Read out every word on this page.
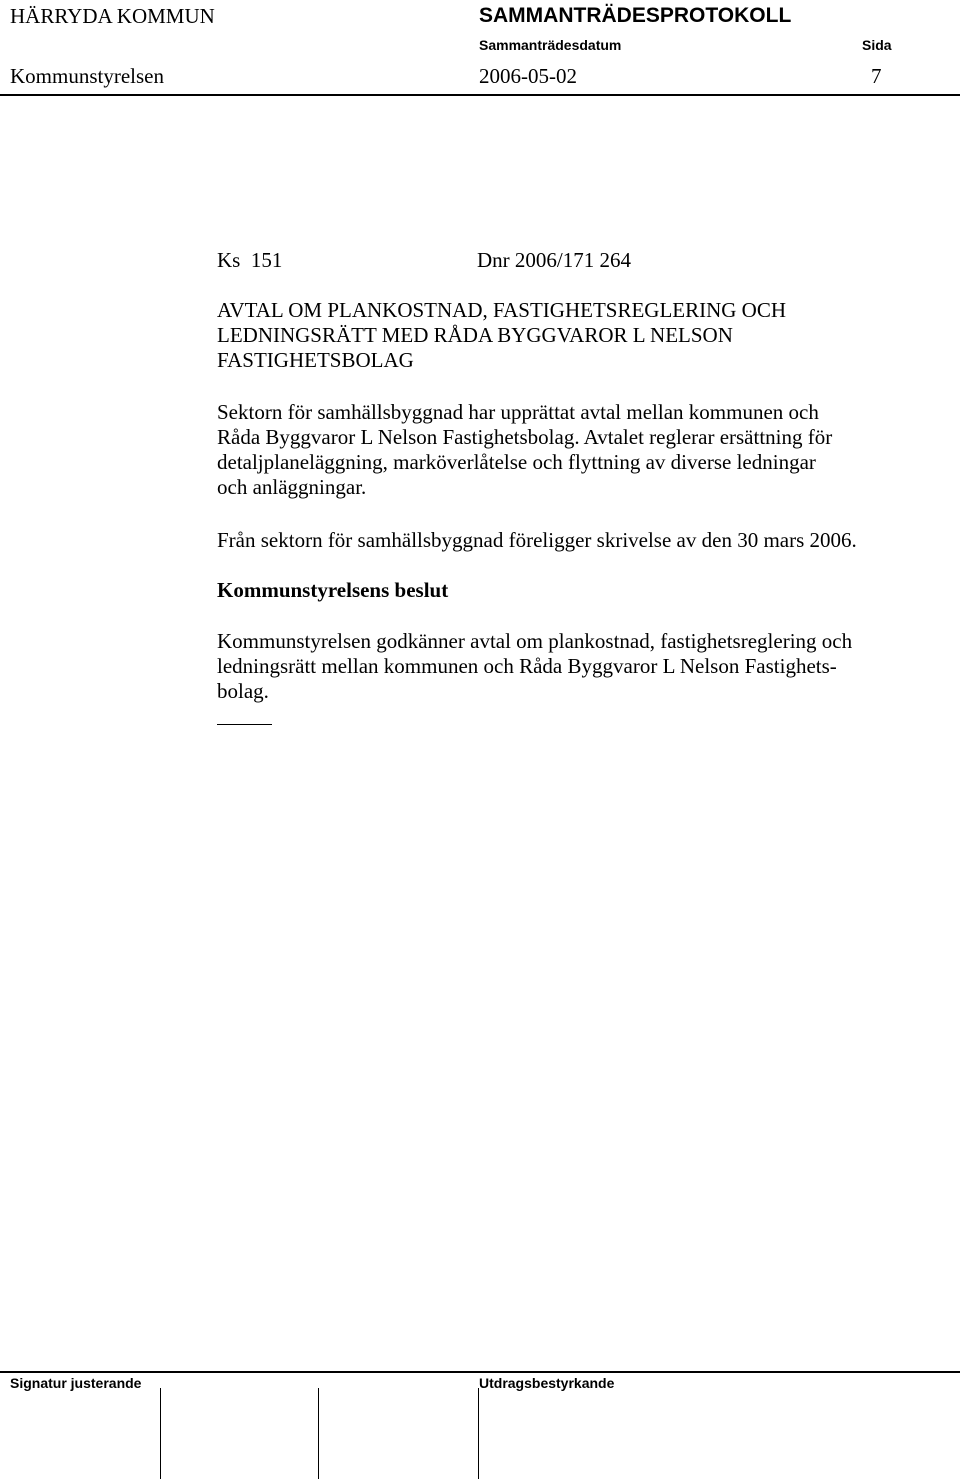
HÄRRYDA KOMMUN	SAMMANTRÄDESPROTOKOLL
Sammanträdesdatum	Sida
Kommunstyrelsen	2006-05-02	7
Ks  151	Dnr 2006/171 264
AVTAL OM PLANKOSTNAD, FASTIGHETSREGLERING OCH
LEDNINGSRÄTT MED RÅDA BYGGVAROR L NELSON
FASTIGHETSBOLAG
Sektorn för samhällsbyggnad har upprättat avtal mellan kommunen och
Råda Byggvaror L Nelson Fastighetsbolag. Avtalet reglerar ersättning för
detaljplaneläggning, marköverlåtelse och flyttning av diverse ledningar
och anläggningar.
Från sektorn för samhällsbyggnad föreligger skrivelse av den 30 mars 2006.
Kommunstyrelsens beslut
Kommunstyrelsen godkänner avtal om plankostnad, fastighetsreglering och
ledningsrätt mellan kommunen och Råda Byggvaror L Nelson Fastighets-
bolag.
Signatur justerande	Utdragsbestyrkande
